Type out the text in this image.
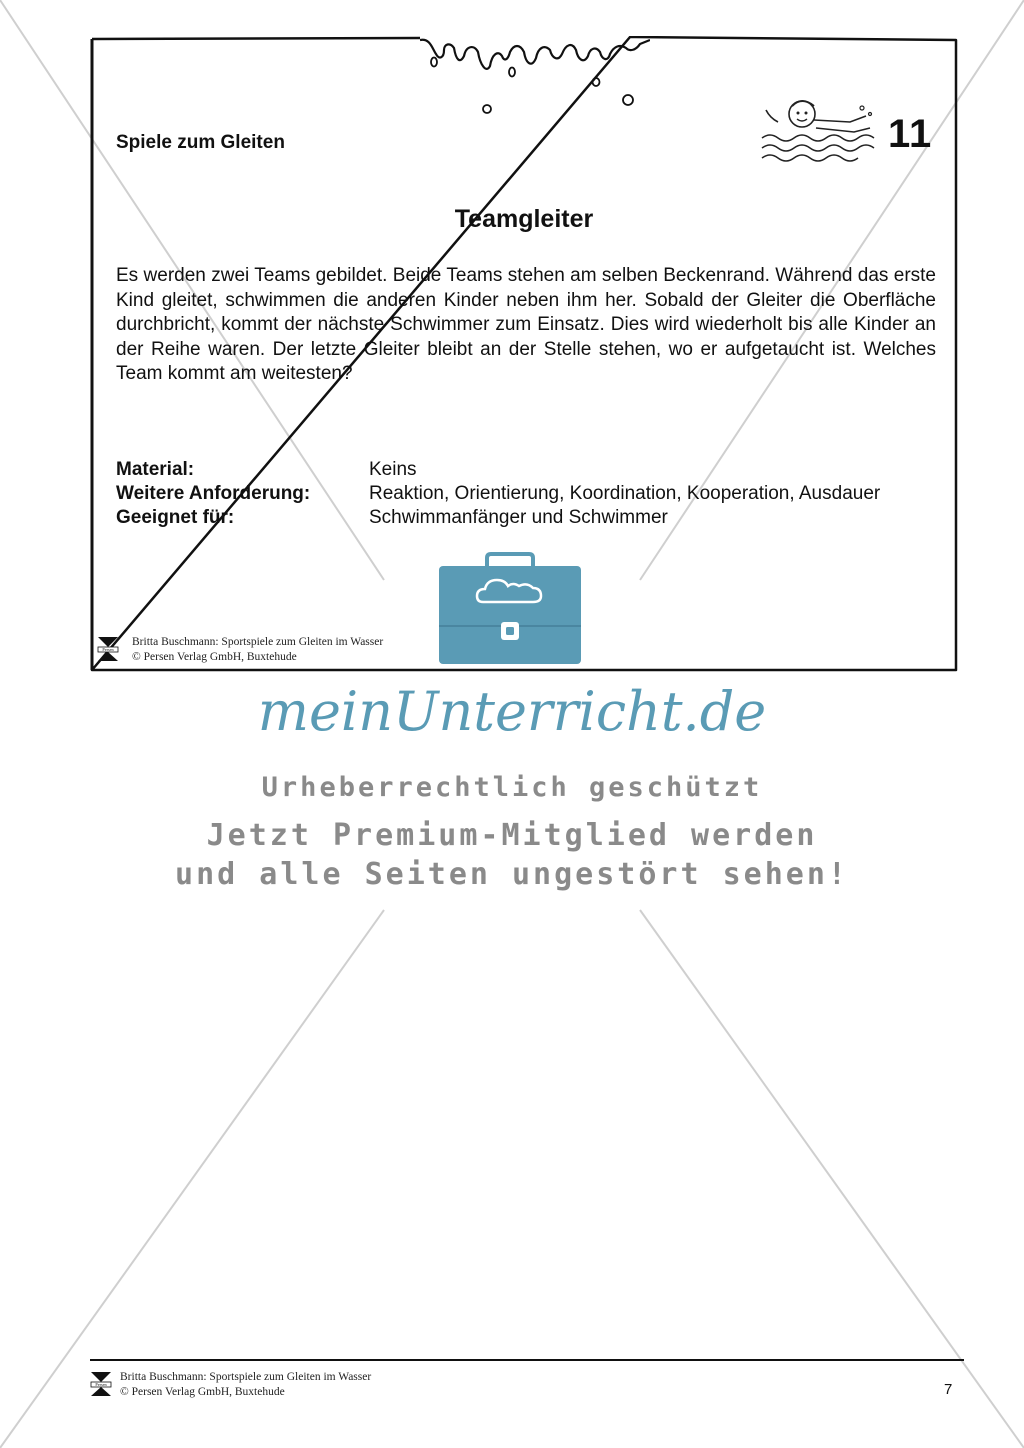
Spiele zum Gleiten	11
Teamgleiter
Es werden zwei Teams gebildet. Beide Teams stehen am selben Beckenrand. Während das erste Kind gleitet, schwimmen die anderen Kinder neben ihm her. Sobald der Gleiter die Oberfläche durchbricht, kommt der nächste Schwimmer zum Einsatz. Dies wird wiederholt bis alle Kinder an der Reihe waren. Der letzte Gleiter bleibt an der Stelle stehen, wo er aufgetaucht ist. Welches Team kommt am weitesten?
Material:	Keins
Weitere Anforderung:	Reaktion, Orientierung, Koordination, Kooperation, Ausdauer
Geeignet für:	Schwimmanfänger und Schwimmer
Persen
Britta Buschmann: Sportspiele zum Gleiten im Wasser
© Persen Verlag GmbH, Buxtehude
meinUnterricht.de
Urheberrechtlich geschützt
Jetzt Premium-Mitglied werden
und alle Seiten ungestört sehen!
Persen
Britta Buschmann: Sportspiele zum Gleiten im Wasser
© Persen Verlag GmbH, Buxtehude	7
